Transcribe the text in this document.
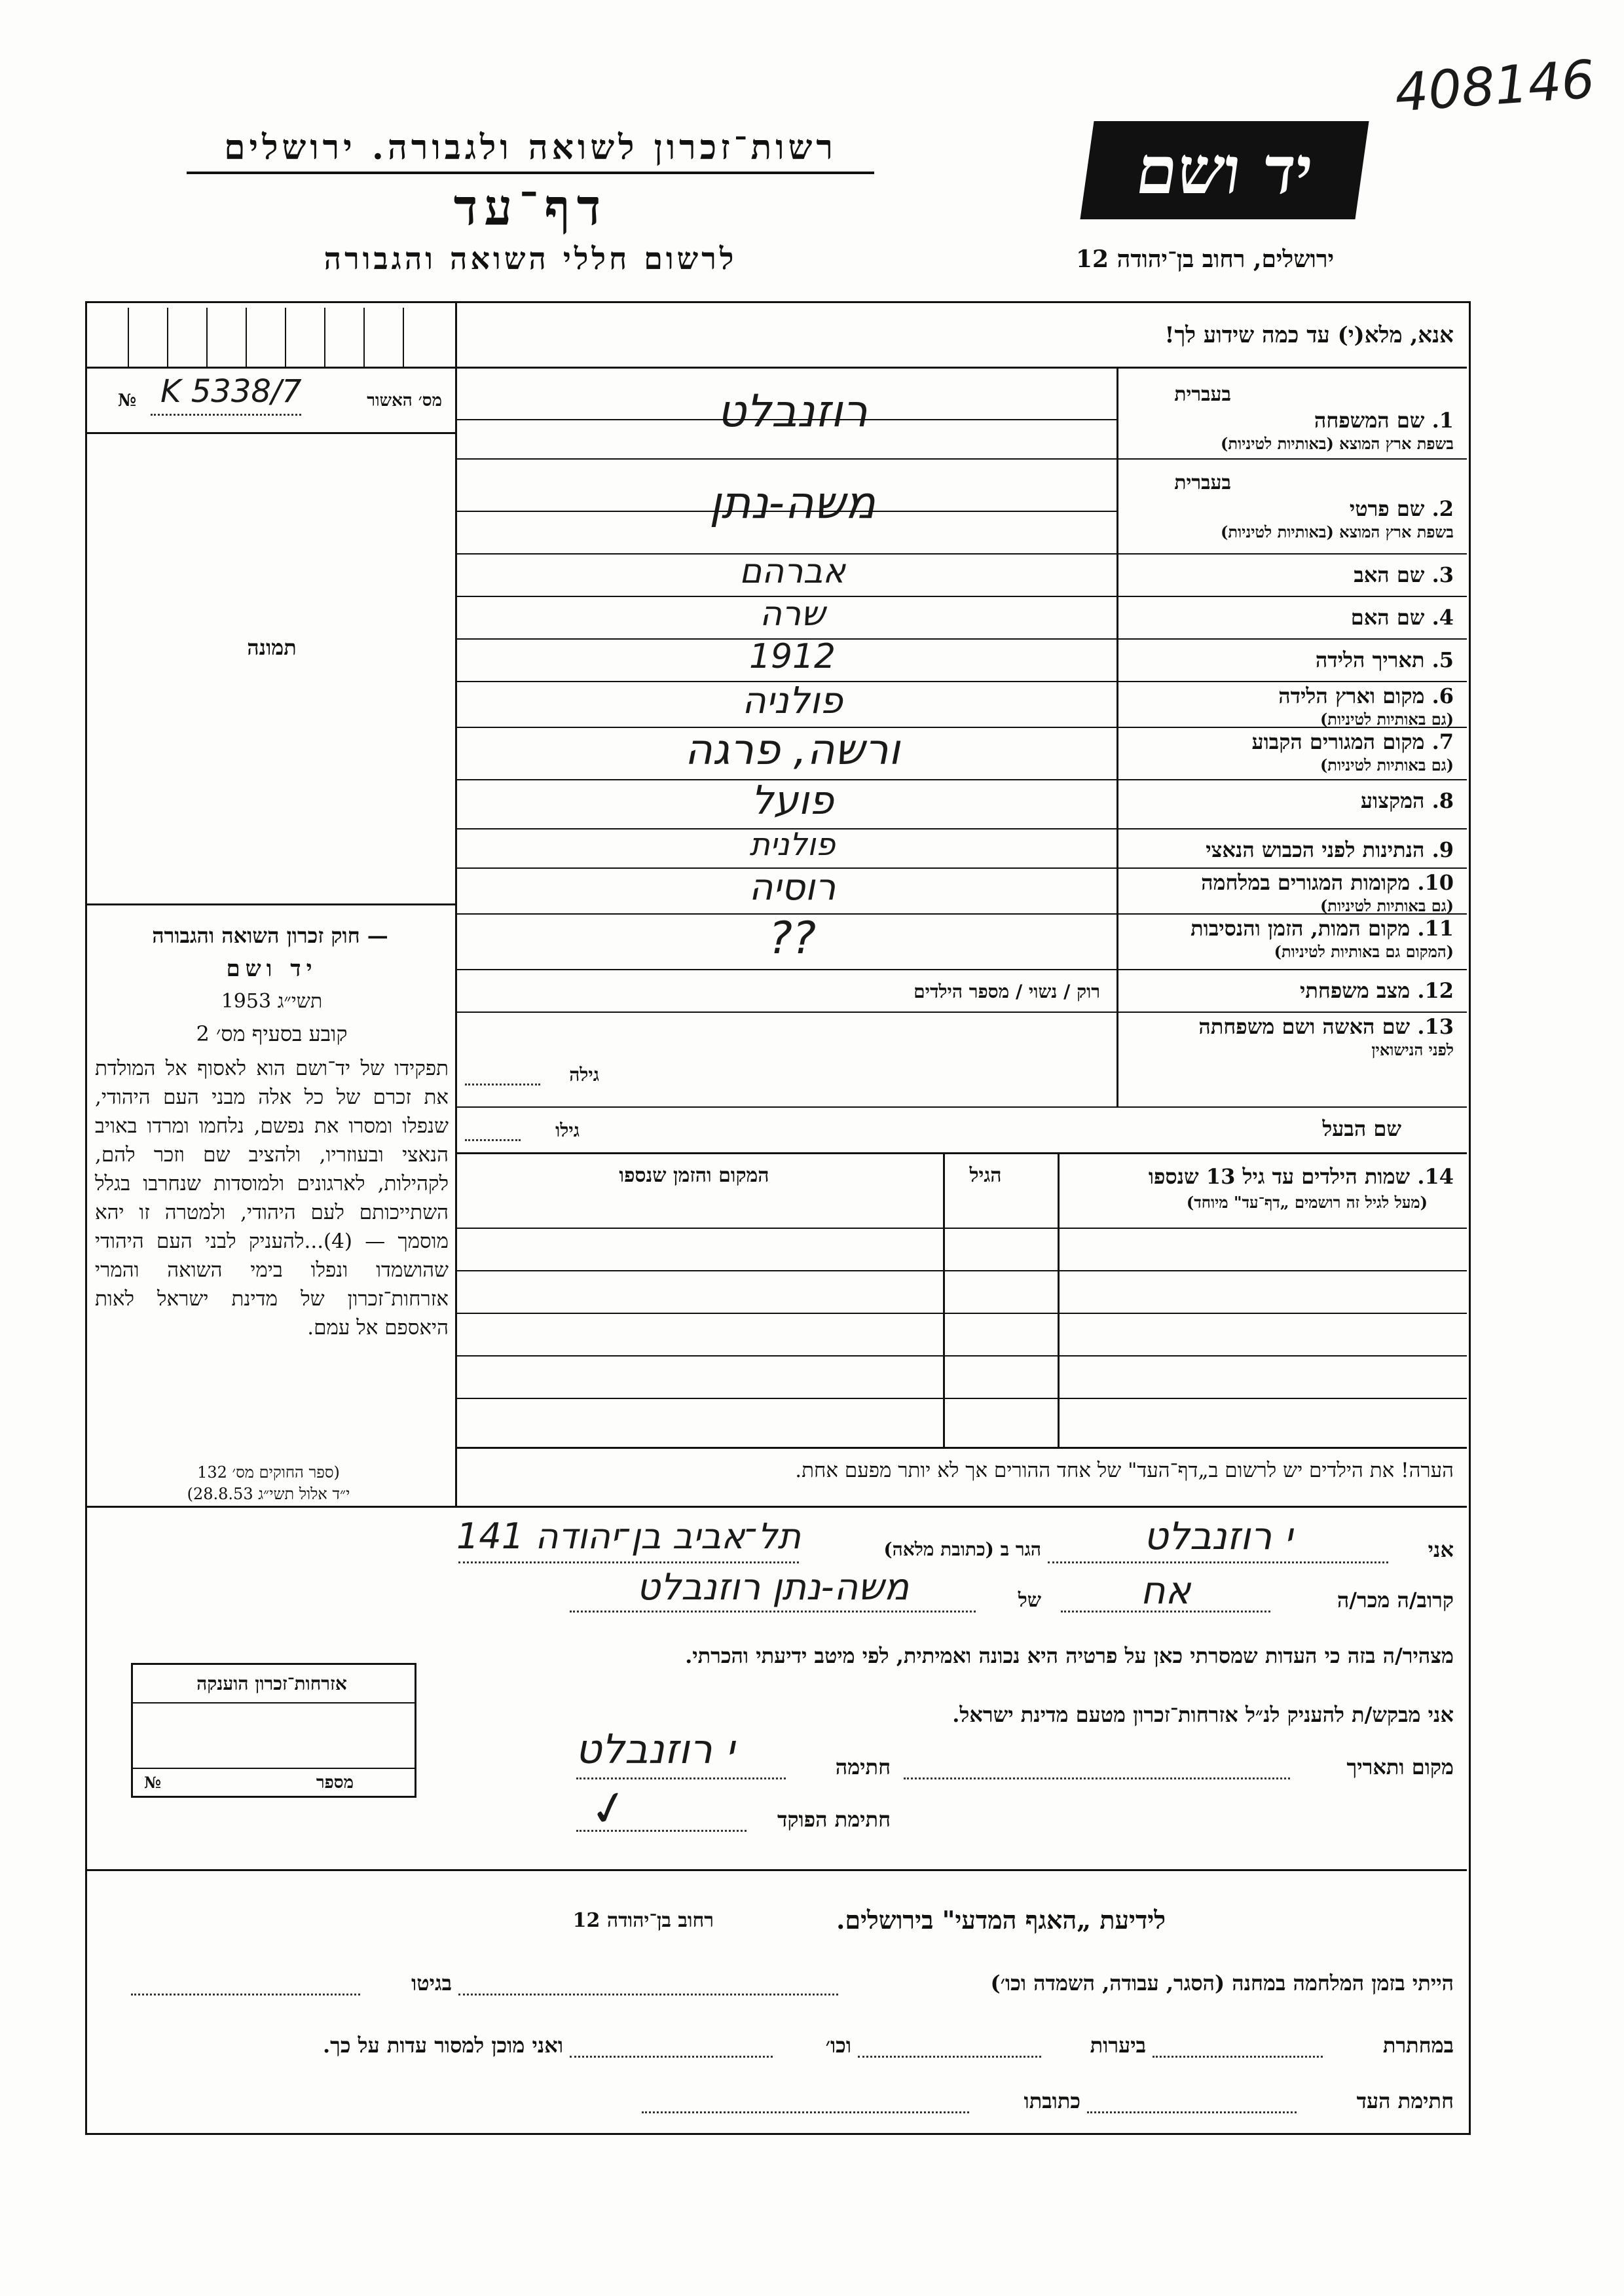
408146
רשות־זכרון לשואה ולגבורה. ירושלים
דף־עד
לרשום חללי השואה והגבורה
יד ושם
ירושלים, רחוב בן־יהודה 12
מס׳ האשור
№ K 5338/7
תמונה
— חוק זכרון השואה והגבורה
יד ושם
תשי״ג 1953
קובע בסעיף מס׳ 2
תפקידו של יד־ושם הוא לאסוף אל המולדת את זכרם של כל אלה מבני העם היהודי, שנפלו ומסרו את נפשם, נלחמו ומרדו באויב הנאצי ובעוזריו, ולהציב שם וזכר להם, לקהילות, לארגונים ולמוסדות שנחרבו בגלל השתייכותם לעם היהודי, ולמטרה זו יהא מוסמך — (4)...להעניק לבני העם היהודי שהושמדו ונפלו בימי השואה והמרי אזרחות־זכרון של מדינת ישראל לאות היאספם אל עמם.
(ספר החוקים מס׳ 132
י״ד אלול תשי״ג 28.8.53)
אנא, מלא(י) עד כמה שידוע לך!
בעברית
1. שם המשפחה
בשפת ארץ המוצא (באותיות לטיניות)
רוזנבלט
בעברית
2. שם פרטי
בשפת ארץ המוצא (באותיות לטיניות)
משה-נתן
3. שם האב
אברהם
4. שם האם
שרה
5. תאריך הלידה
1912
6. מקום וארץ הלידה
(גם באותיות לטיניות)
פולניה
7. מקום המגורים הקבוע
(גם באותיות לטיניות)
ורשה, פרגה
8. המקצוע
פועל
9. הנתינות לפני הכבוש הנאצי
פולנית
10. מקומות המגורים במלחמה
(גם באותיות לטיניות)
רוסיה
11. מקום המות, הזמן והנסיבות
(המקום גם באותיות לטיניות)
??
12. מצב משפחתי
רוק / נשוי / מספר הילדים
13. שם האשה ושם משפחתה
לפני הנישואין
גילה
שם הבעל
גילו
14. שמות הילדים עד גיל 13 שנספו
(מעל לגיל זה רושמים „דף־עד" מיוחד)
הגיל
המקום והזמן שנספו
הערה! את הילדים יש לרשום ב„דף־העד" של אחד ההורים אך לא יותר מפעם אחת.
אני
י רוזנבלט
הגר ב (כתובת מלאה)
תל־אביב בן־יהודה 141
קרוב/ה מכר/ה
אח
של
משה-נתן רוזנבלט
מצהיר/ה בזה כי העדות שמסרתי כאן על פרטיה היא נכונה ואמיתית, לפי מיטב ידיעתי והכרתי.
אני מבקש/ת להעניק לנ״ל אזרחות־זכרון מטעם מדינת ישראל.
אזרחות־זכרון הוענקה
מספר
№
מקום ותאריך
חתימה
י רוזנבלט
חתימת הפוקד
✓
לידיעת „האגף המדעי" בירושלים.
רחוב בן־יהודה 12
הייתי בזמן המלחמה במחנה (הסגר, עבודה, השמדה וכו׳)
בגיטו
במחתרת
ביערות
וכו׳
ואני מוכן למסור עדות על כך.
חתימת העד
כתובתו
